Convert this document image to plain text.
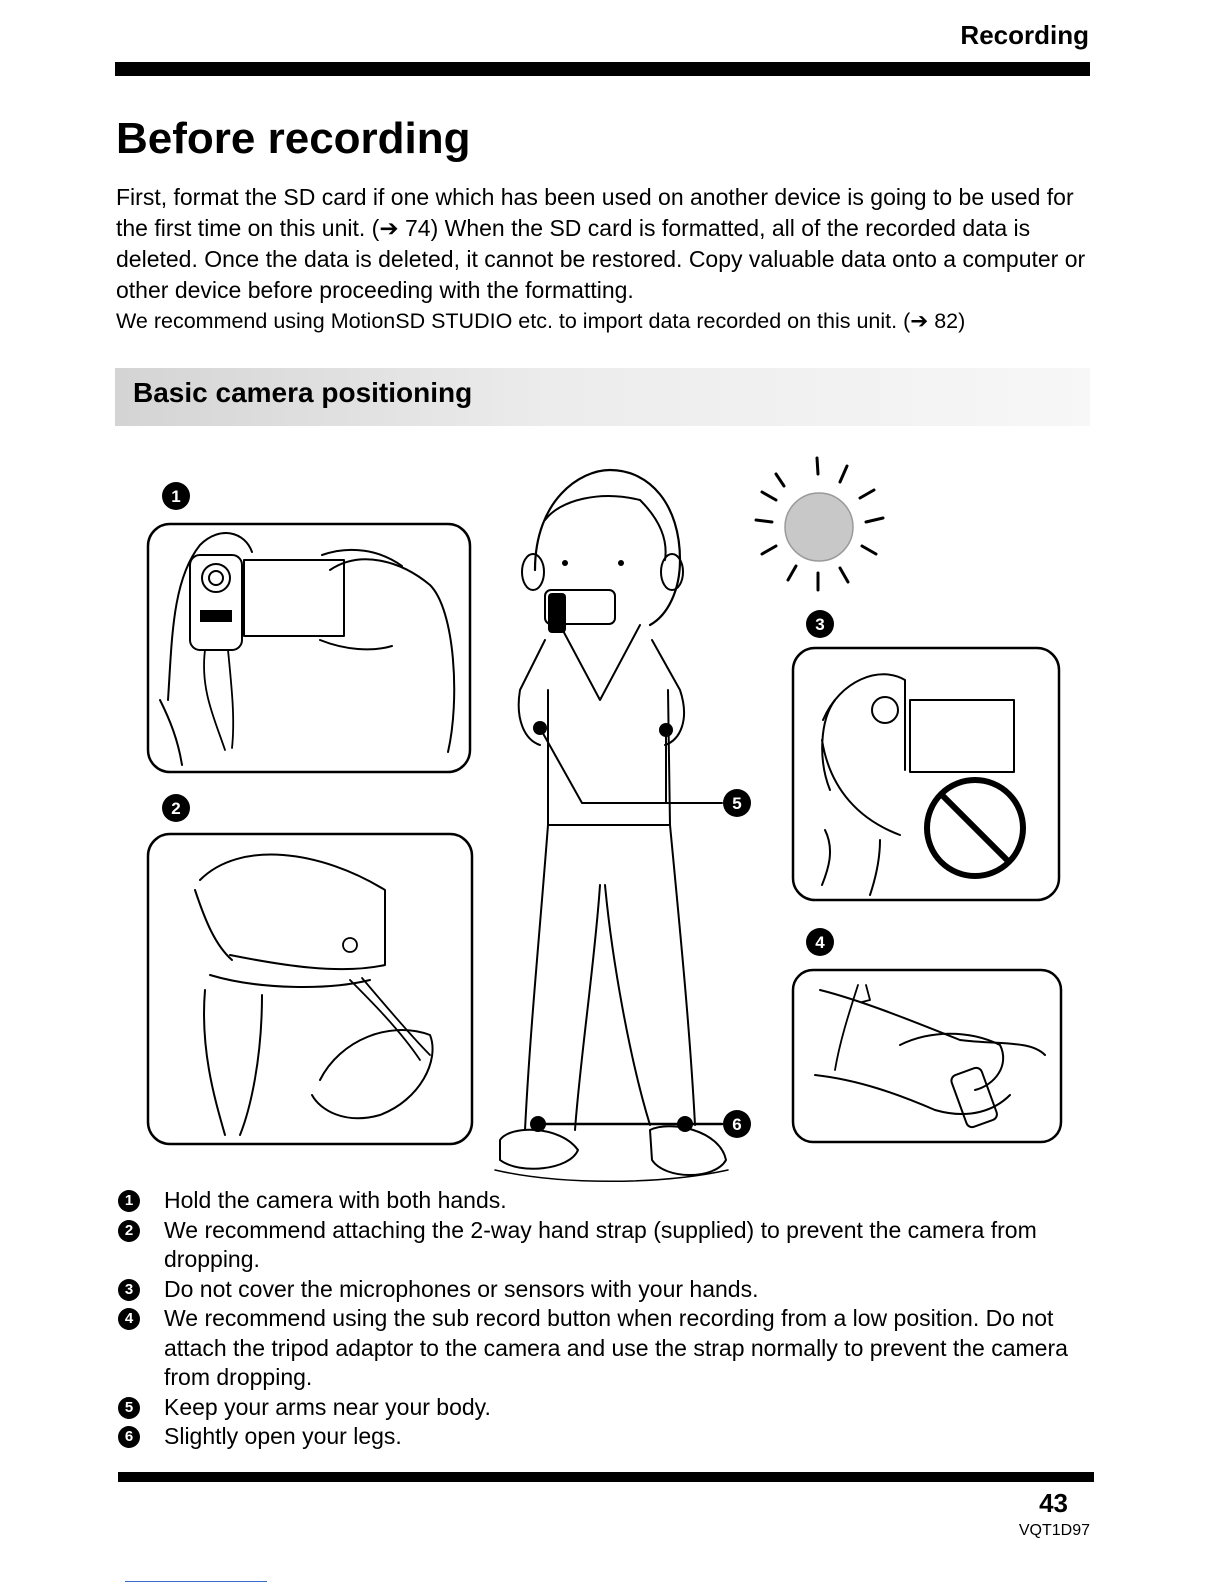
Recording
Before recording

First, format the SD card if one which has been used on another device is going to be used for the first time on this unit. (➔ 74) When the SD card is formatted, all of the recorded data is deleted. Once the data is deleted, it cannot be restored. Copy valuable data onto a computer or other device before proceeding with the formatting.

We recommend using MotionSD STUDIO etc. to import data recorded on this unit. (➔ 82)

Basic camera positioning
1
2
3
4
5
6
1 Hold the camera with both hands.
2 We recommend attaching the 2-way hand strap (supplied) to prevent the camera from dropping.
3 Do not cover the microphones or sensors with your hands.
4 We recommend using the sub record button when recording from a low position. Do not attach the tripod adaptor to the camera and use the strap normally to prevent the camera from dropping.
5 Keep your arms near your body.
6 Slightly open your legs.
43
VQT1D97
